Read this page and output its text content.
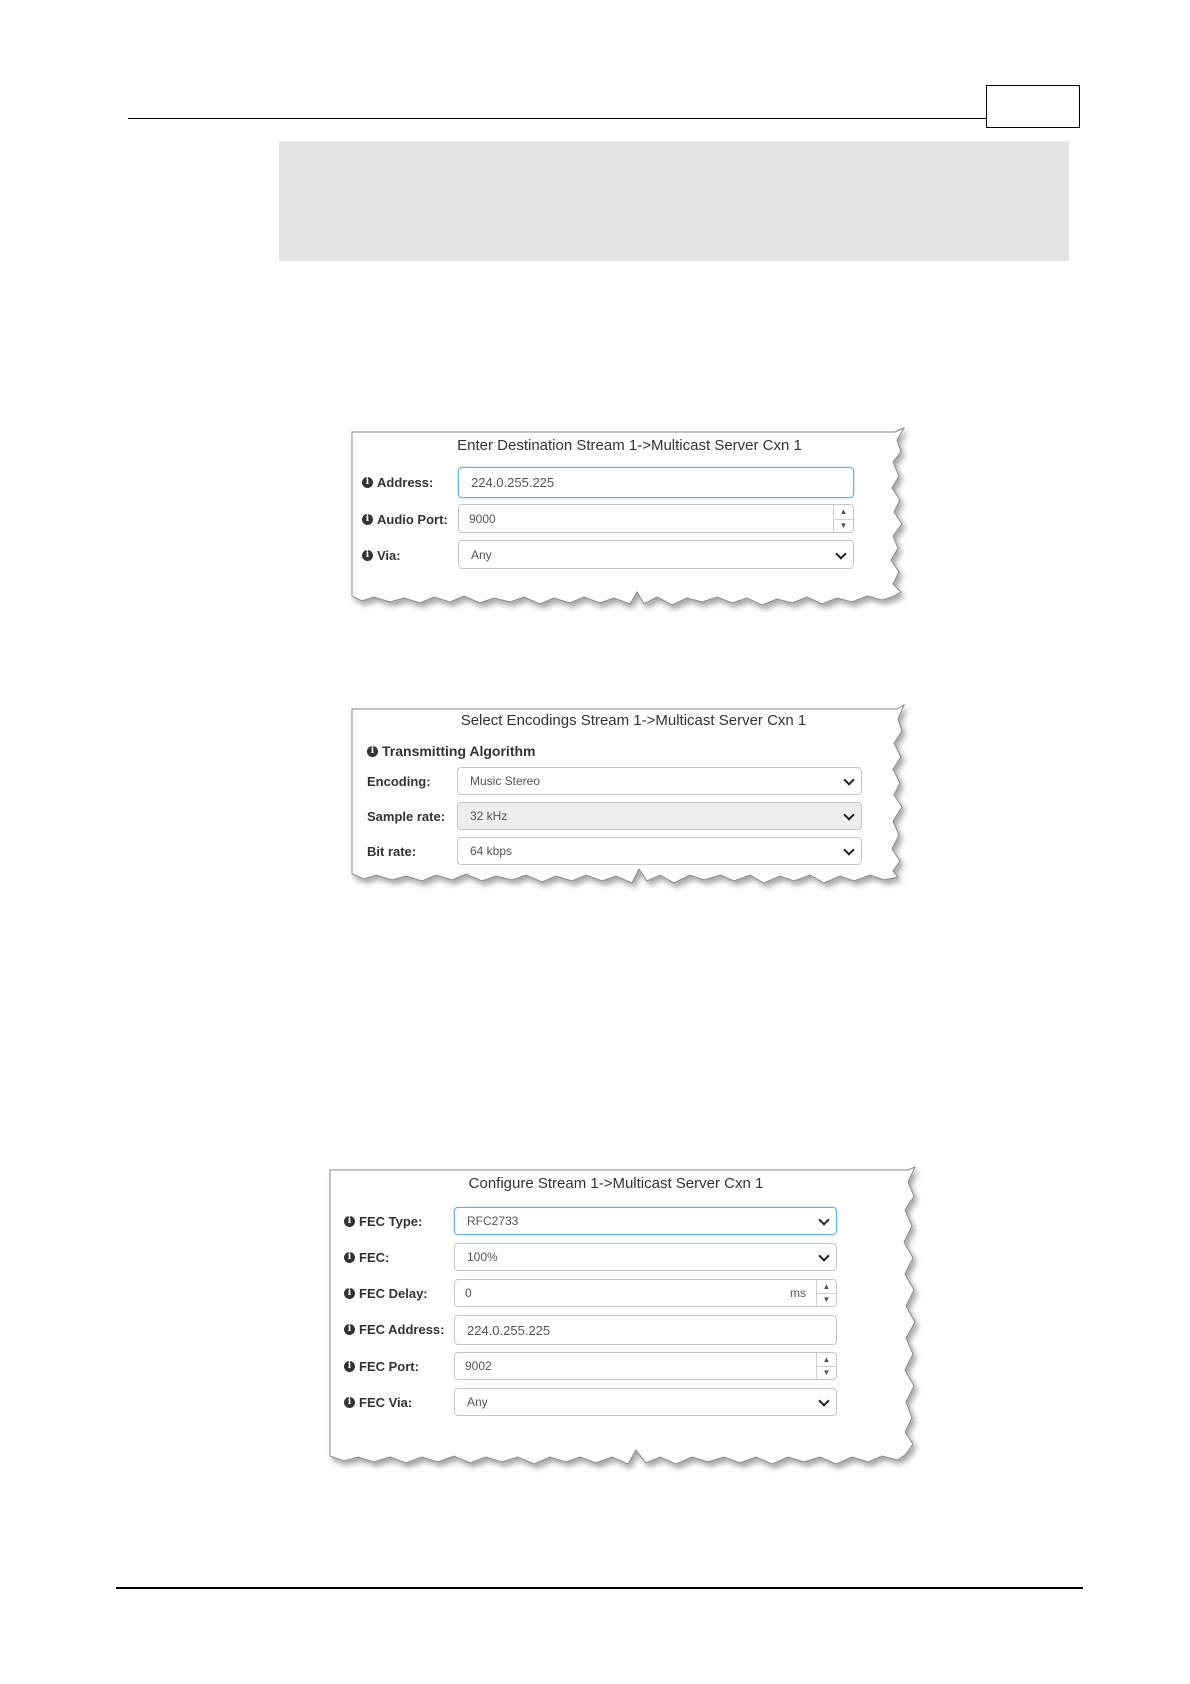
Enter Destination Stream 1->Multicast Server Cxn 1
i Address:	224.0.255.225
i Audio Port: 9000	▲
▼
i Via:	Any
Select Encodings Stream 1->Multicast Server Cxn 1
i Transmitting Algorithm
Encoding:	Music Stereo
Sample rate: 32 kHz
Bit rate:	64 kbps
Configure Stream 1->Multicast Server Cxn 1
i FEC Type:	RFC2733
i FEC:	100%
i FEC Delay:	0	ms	▲
▼
i FEC Address: 224.0.255.225
i FEC Port:	9002	▲
▼
i FEC Via:	Any
